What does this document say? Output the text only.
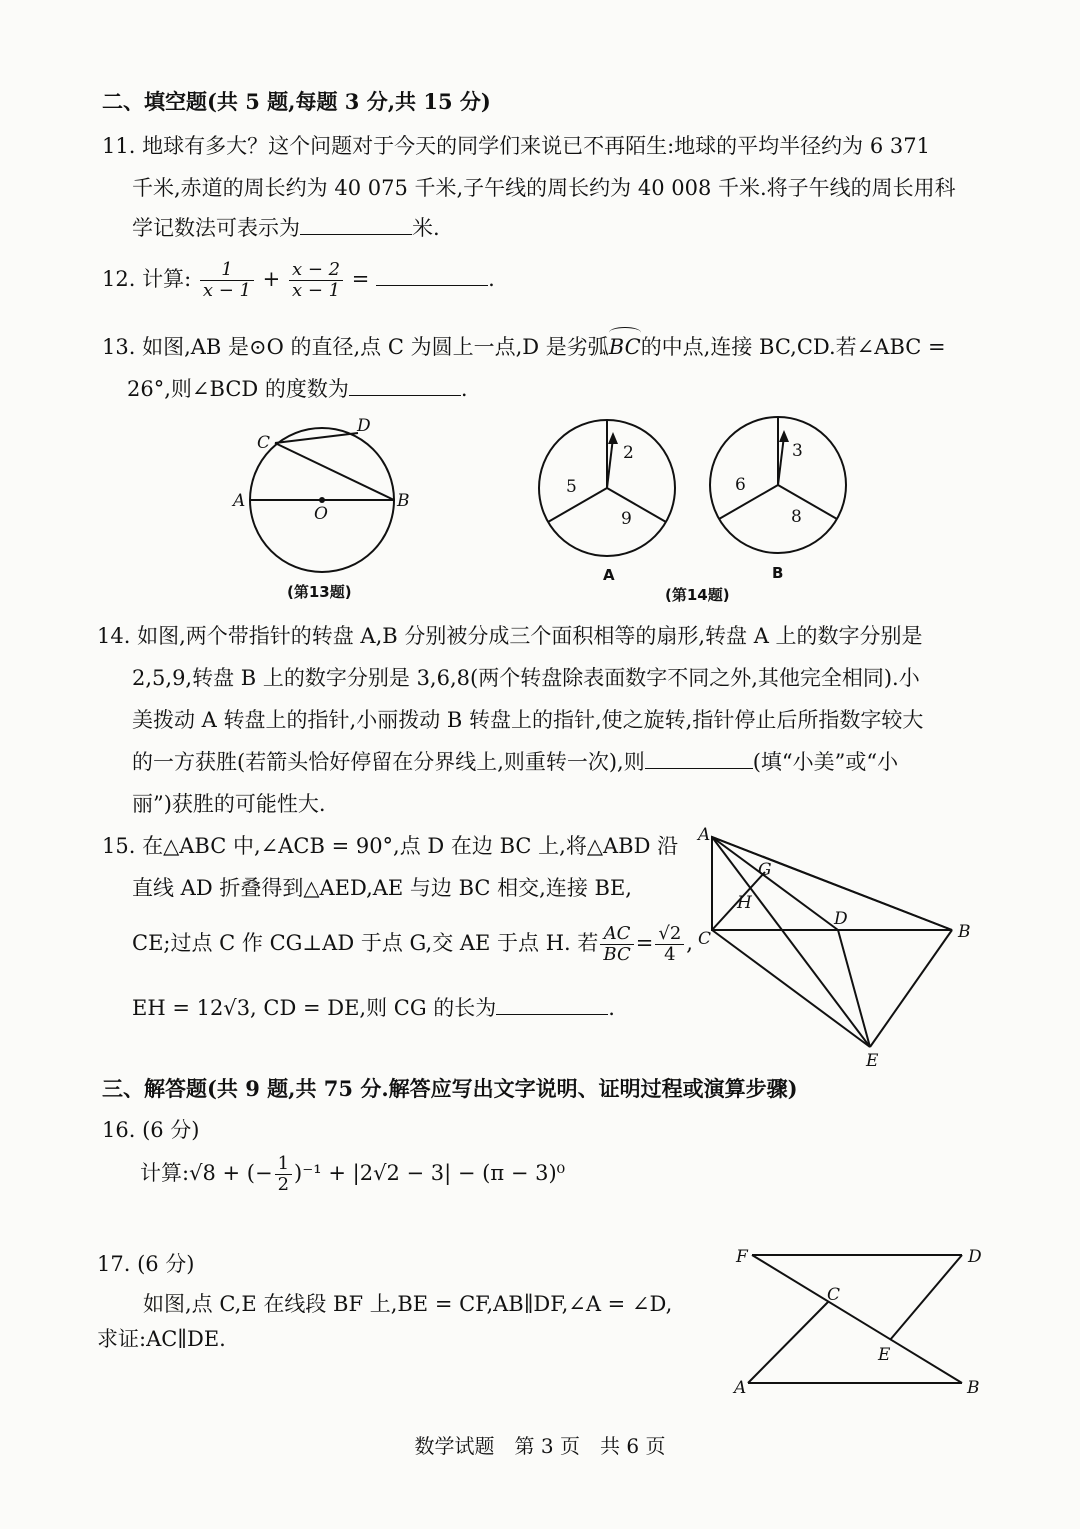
二、填空题(共 5 题,每题 3 分,共 15 分)
11. 地球有多大？这个问题对于今天的同学们来说已不再陌生:地球的平均半径约为 6 371
千米,赤道的周长约为 40 075 千米,子午线的周长约为 40 008 千米.将子午线的周长用科
学记数法可表示为	米.
12. 计算: $\frac{1}{x - 1} + \frac{x - 2}{x - 1}$ =	.
13. 如图,AB 是⊙O 的直径,点 C 为圆上一点,D 是劣弧
BC的中点,连接 BC,CD.若∠ABC =
26°,则∠BCD 的度数为	.
A	B
C
D
O
(第13题)
2
5
9
A
3
6
8
B
(第14题)
14. 如图,两个带指针的转盘 A,B 分别被分成三个面积相等的扇形,转盘 A 上的数字分别是
2,5,9,转盘 B 上的数字分别是 3,6,8(两个转盘除表面数字不同之外,其他完全相同).小
美拨动 A 转盘上的指针,小丽拨动 B 转盘上的指针,使之旋转,指针停止后所指数字较大
的一方获胜(若箭头恰好停留在分界线上,则重转一次),则	(填“小美”或“小
丽”)获胜的可能性大.
15. 在△ABC 中,∠ACB = 90°,点 D 在边 BC 上,将△ABD 沿
直线 AD 折叠得到△AED,AE 与边 BC 相交,连接 BE,
CE;过点 C 作 CG⊥AD 于点 G,交 AE 于点 H. 若 $\frac{AC}{BC} = \frac{√2}{4}$ ,
EH = 12√3, CD = DE,则 CG 的长为	.
A
B
C
D
E
G
H
三、解答题(共 9 题,共 75 分.解答应写出文字说明、证明过程或演算步骤)
16. (6 分)
计算:√8 + (− $\frac{1}{2} )^{-1} + |2√2 - 3| - (\pi - 3)^0$
17. (6 分)
如图,点 C,E 在线段 BF 上,BE = CF,AB∥DF,∠A = ∠D,
求证:AC∥DE.
F	D
C
E
A	B
数学试题 第 3 页 共 6 页
